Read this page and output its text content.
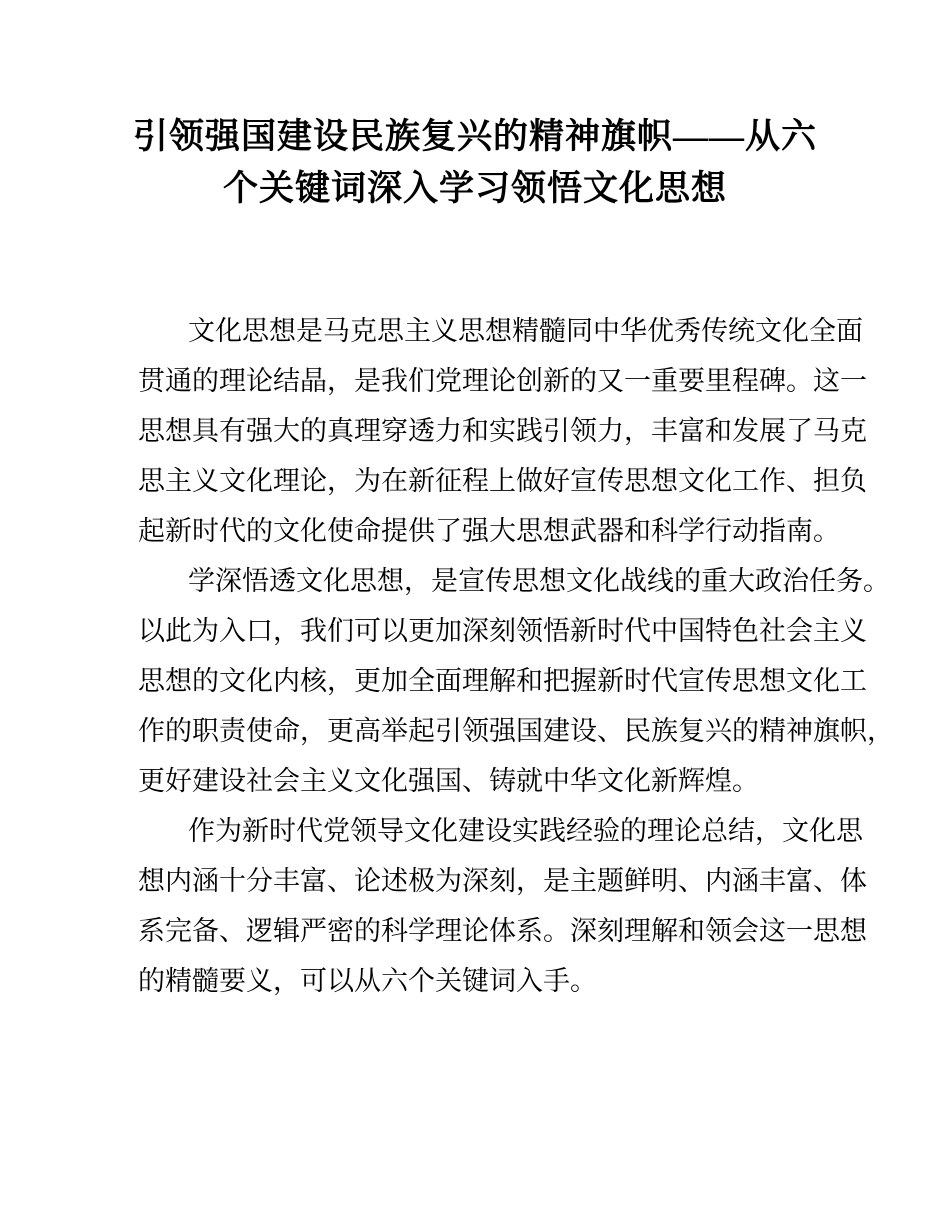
引领强国建设民族复兴的精神旗帜——从六
个关键词深入学习领悟文化思想
文化思想是马克思主义思想精髓同中华优秀传统文化全面
贯通的理论结晶，是我们党理论创新的又一重要里程碑。这一
思想具有强大的真理穿透力和实践引领力，丰富和发展了马克
思主义文化理论，为在新征程上做好宣传思想文化工作、担负
起新时代的文化使命提供了强大思想武器和科学行动指南。
学深悟透文化思想，是宣传思想文化战线的重大政治任务。
以此为入口，我们可以更加深刻领悟新时代中国特色社会主义
思想的文化内核，更加全面理解和把握新时代宣传思想文化工
作的职责使命，更高举起引领强国建设、民族复兴的精神旗帜，
更好建设社会主义文化强国、铸就中华文化新辉煌。
作为新时代党领导文化建设实践经验的理论总结，文化思
想内涵十分丰富、论述极为深刻，是主题鲜明、内涵丰富、体
系完备、逻辑严密的科学理论体系。深刻理解和领会这一思想
的精髓要义，可以从六个关键词入手。
